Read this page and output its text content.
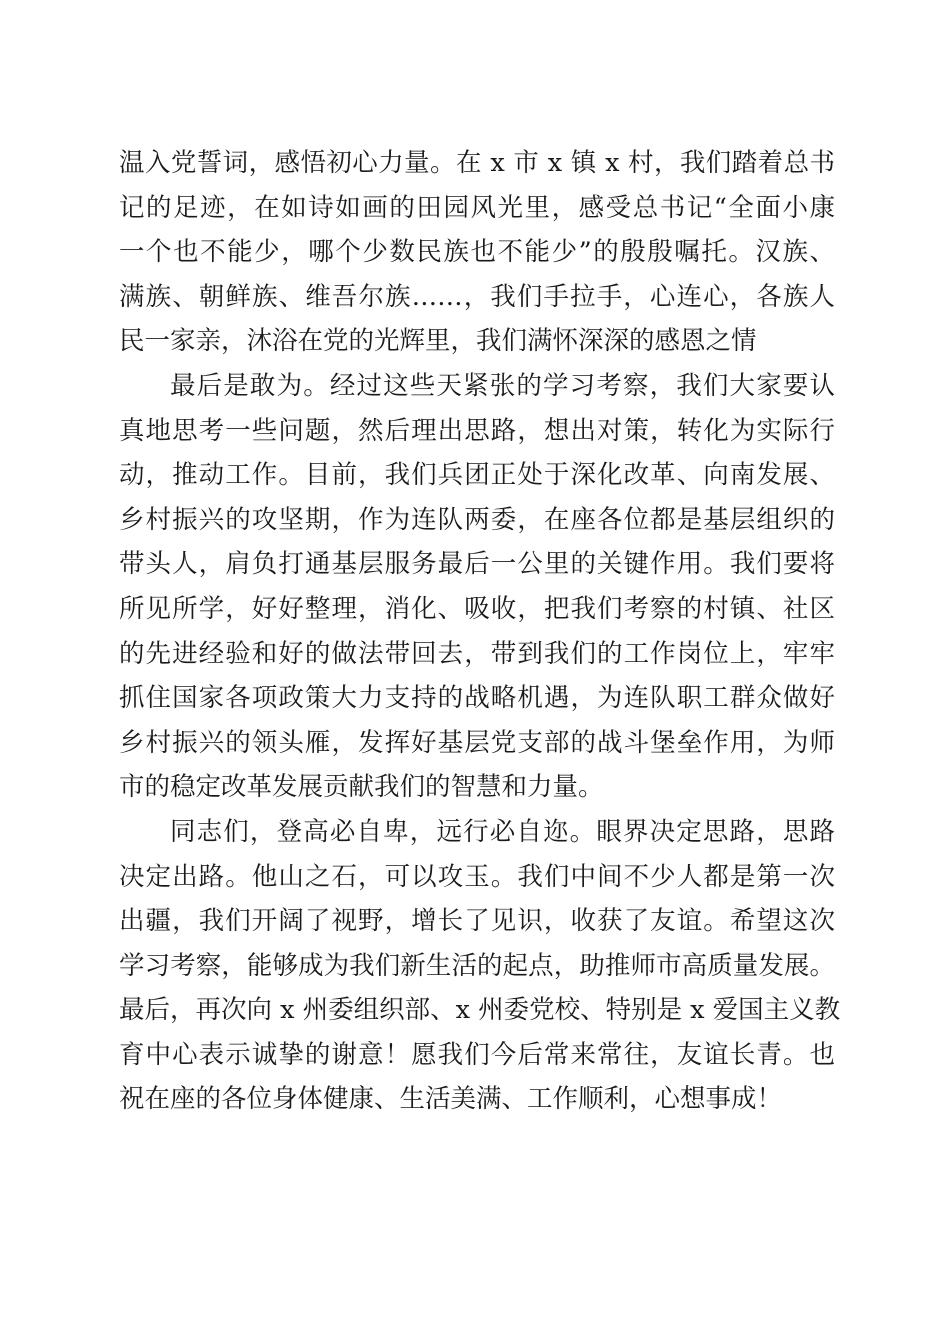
温入党誓词，感悟初心力量。在 x 市 x 镇 x 村，我们踏着总书
记的足迹，在如诗如画的田园风光里，感受总书记“全面小康
一个也不能少，哪个少数民族也不能少”的殷殷嘱托。汉族、
满族、朝鲜族、维吾尔族……，我们手拉手，心连心，各族人
民一家亲，沐浴在党的光辉里，我们满怀深深的感恩之情

最后是敢为。经过这些天紧张的学习考察，我们大家要认
真地思考一些问题，然后理出思路，想出对策，转化为实际行
动，推动工作。目前，我们兵团正处于深化改革、向南发展、
乡村振兴的攻坚期，作为连队两委，在座各位都是基层组织的
带头人，肩负打通基层服务最后一公里的关键作用。我们要将
所见所学，好好整理，消化、吸收，把我们考察的村镇、社区
的先进经验和好的做法带回去，带到我们的工作岗位上，牢牢
抓住国家各项政策大力支持的战略机遇，为连队职工群众做好
乡村振兴的领头雁，发挥好基层党支部的战斗堡垒作用，为师
市的稳定改革发展贡献我们的智慧和力量。

同志们，登高必自卑，远行必自迩。眼界决定思路，思路
决定出路。他山之石，可以攻玉。我们中间不少人都是第一次
出疆，我们开阔了视野，增长了见识，收获了友谊。希望这次
学习考察，能够成为我们新生活的起点，助推师市高质量发展。
最后，再次向 x 州委组织部、x 州委党校、特别是 x 爱国主义教
育中心表示诚挚的谢意！愿我们今后常来常往，友谊长青。也
祝在座的各位身体健康、生活美满、工作顺利，心想事成！
